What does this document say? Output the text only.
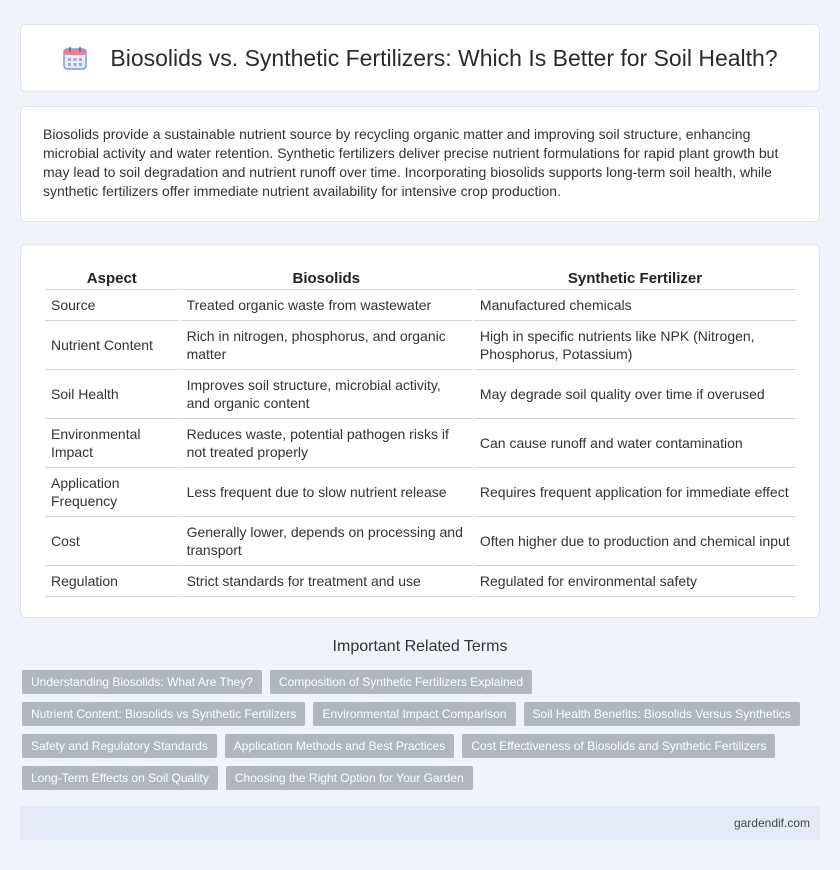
Biosolids vs. Synthetic Fertilizers: Which Is Better for Soil Health?

Biosolids provide a sustainable nutrient source by recycling organic matter and improving soil structure, enhancing microbial activity and water retention. Synthetic fertilizers deliver precise nutrient formulations for rapid plant growth but may lead to soil degradation and nutrient runoff over time. Incorporating biosolids supports long-term soil health, while synthetic fertilizers offer immediate nutrient availability for intensive crop production.

Aspect	Biosolids	Synthetic Fertilizer
Source	Treated organic waste from wastewater	Manufactured chemicals
Nutrient Content	Rich in nitrogen, phosphorus, and organic matter	High in specific nutrients like NPK (Nitrogen, Phosphorus, Potassium)
Soil Health	Improves soil structure, microbial activity, and organic content	May degrade soil quality over time if overused
Environmental Impact	Reduces waste, potential pathogen risks if not treated properly	Can cause runoff and water contamination
Application Frequency	Less frequent due to slow nutrient release	Requires frequent application for immediate effect
Cost	Generally lower, depends on processing and transport	Often higher due to production and chemical input
Regulation	Strict standards for treatment and use	Regulated for environmental safety
Important Related Terms
Understanding Biosolids: What Are They?	Composition of Synthetic Fertilizers Explained
Nutrient Content: Biosolids vs Synthetic Fertilizers	Environmental Impact Comparison	Soil Health Benefits: Biosolids Versus Synthetics
Safety and Regulatory Standards	Application Methods and Best Practices	Cost Effectiveness of Biosolids and Synthetic Fertilizers
Long-Term Effects on Soil Quality	Choosing the Right Option for Your Garden
gardendif.com
